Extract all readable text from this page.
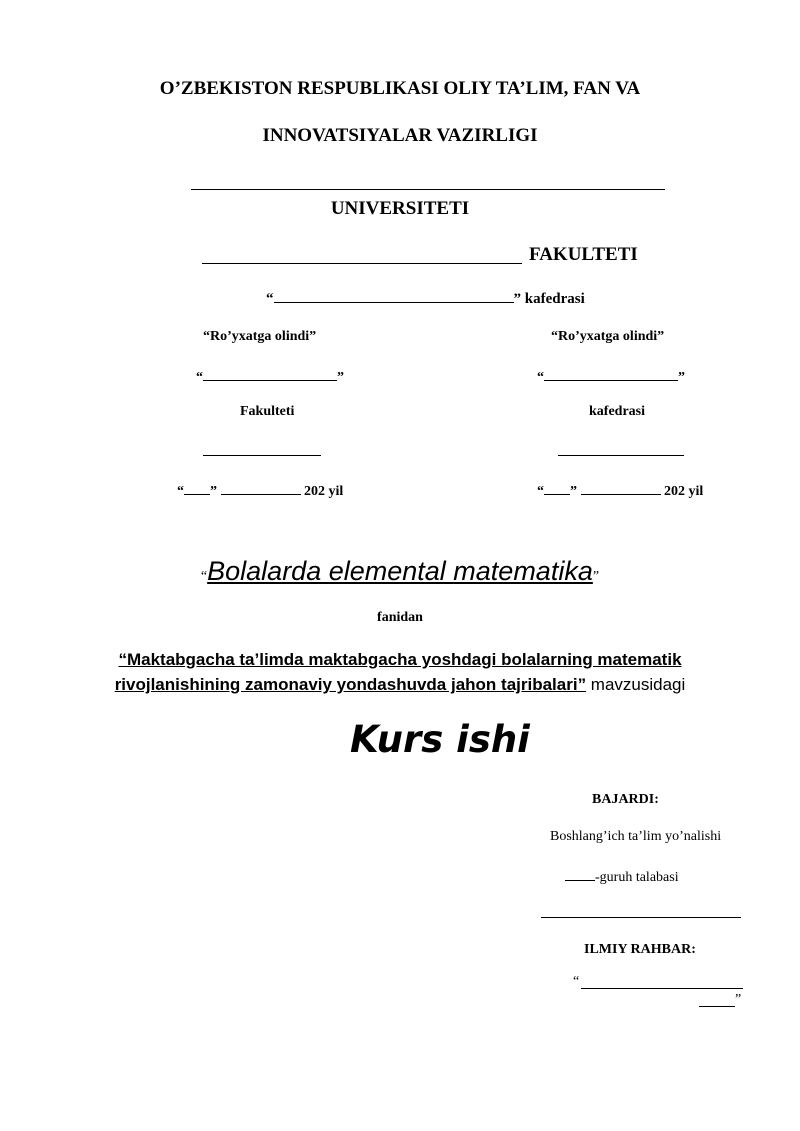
O’ZBEKISTON RESPUBLIKASI OLIY TA’LIM, FAN VA
INNOVATSIYALAR VAZIRLIGI
UNIVERSITETI
FAKULTETI
“	” kafedrasi
“Ro’yxatga olindi”
“	”
Fakulteti
“ ”	202 yil
“Ro’yxatga olindi”
“	”
kafedrasi
“ ”	202 yil
“Bolalarda elemental matematika”
fanidan
“Maktabgacha ta’limda maktabgacha yoshdagi bolalarning matematik
rivojlanishining zamonaviy yondashuvda jahon tajribalari” mavzusidagi
Kurs ishi
BAJARDI:
Boshlang’ich ta’lim yo’nalishi
-guruh talabasi
ILMIY RAHBAR:
“
”
